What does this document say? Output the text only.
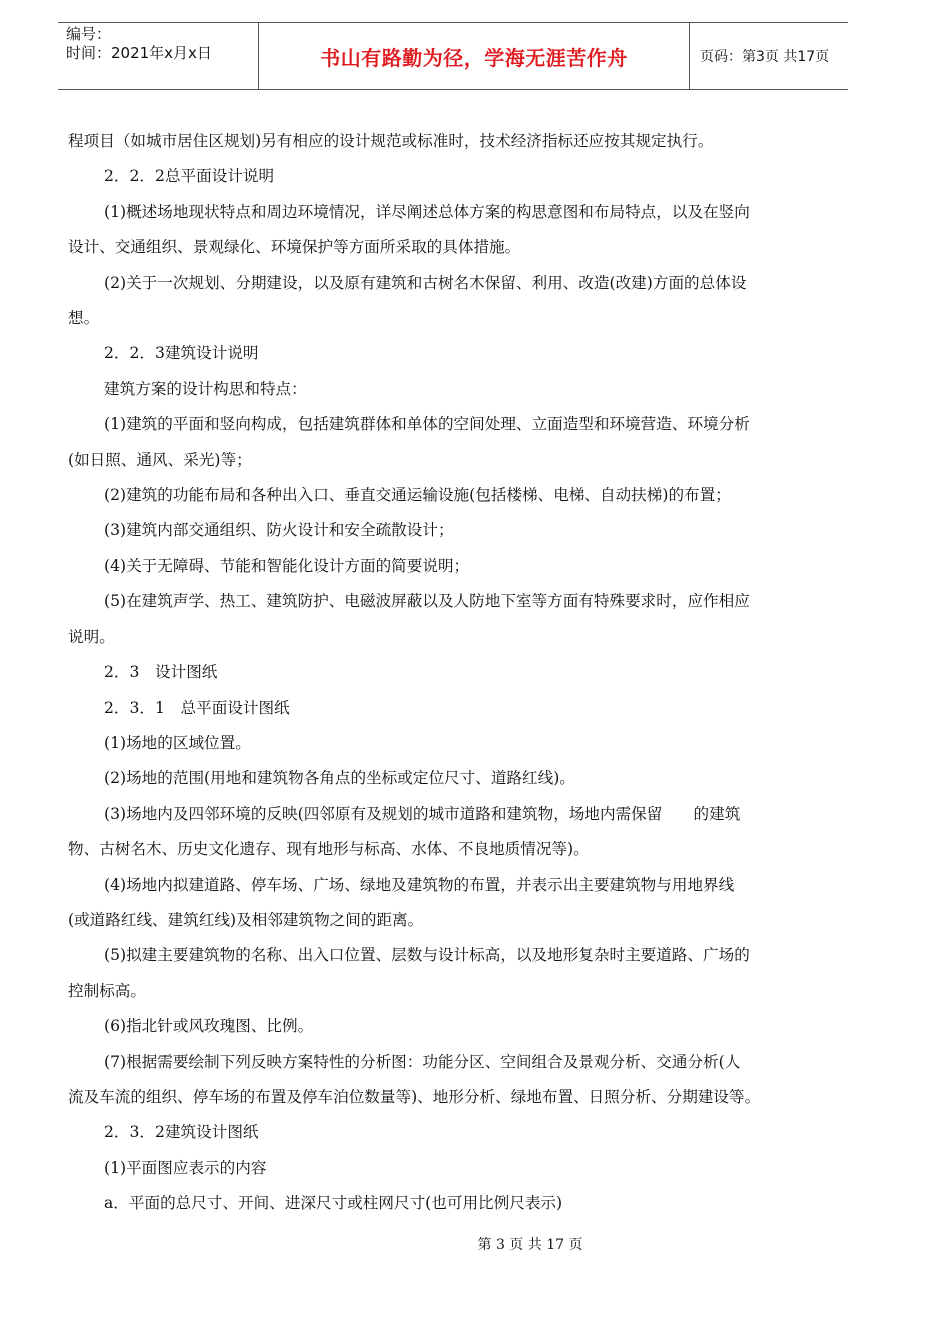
编号：
时间：2021年x月x日	书山有路勤为径，学海无涯苦作舟	页码：第3页 共17页

程项目（如城市居住区规划)另有相应的设计规范或标准时，技术经济指标还应按其规定执行。

2．2．2总平面设计说明

(1)概述场地现状特点和周边环境情况，详尽阐述总体方案的构思意图和布局特点，以及在竖向

设计、交通组织、景观绿化、环境保护等方面所采取的具体措施。

(2)关于一次规划、分期建设，以及原有建筑和古树名木保留、利用、改造(改建)方面的总体设

想。

2．2．3建筑设计说明

建筑方案的设计构思和特点：

(1)建筑的平面和竖向构成，包括建筑群体和单体的空间处理、立面造型和环境营造、环境分析

(如日照、通风、采光)等；

(2)建筑的功能布局和各种出入口、垂直交通运输设施(包括楼梯、电梯、自动扶梯)的布置；

(3)建筑内部交通组织、防火设计和安全疏散设计；

(4)关于无障碍、节能和智能化设计方面的简要说明；

(5)在建筑声学、热工、建筑防护、电磁波屏蔽以及人防地下室等方面有特殊要求时，应作相应

说明。

2．3　设计图纸

2．3．1　总平面设计图纸

(1)场地的区域位置。

(2)场地的范围(用地和建筑物各角点的坐标或定位尺寸、道路红线)。

(3)场地内及四邻环境的反映(四邻原有及规划的城市道路和建筑物，场地内需保留　　的建筑

物、古树名木、历史文化遗存、现有地形与标高、水体、不良地质情况等)。

(4)场地内拟建道路、停车场、广场、绿地及建筑物的布置，并表示出主要建筑物与用地界线

(或道路红线、建筑红线)及相邻建筑物之间的距离。

(5)拟建主要建筑物的名称、出入口位置、层数与设计标高，以及地形复杂时主要道路、广场的

控制标高。

(6)指北针或风玫瑰图、比例。

(7)根据需要绘制下列反映方案特性的分析图：功能分区、空间组合及景观分析、交通分析(人

流及车流的组织、停车场的布置及停车泊位数量等)、地形分析、绿地布置、日照分析、分期建设等。

2．3．2建筑设计图纸

(1)平面图应表示的内容

a．平面的总尺寸、开间、进深尺寸或柱网尺寸(也可用比例尺表示)

第 3 页 共 17 页
